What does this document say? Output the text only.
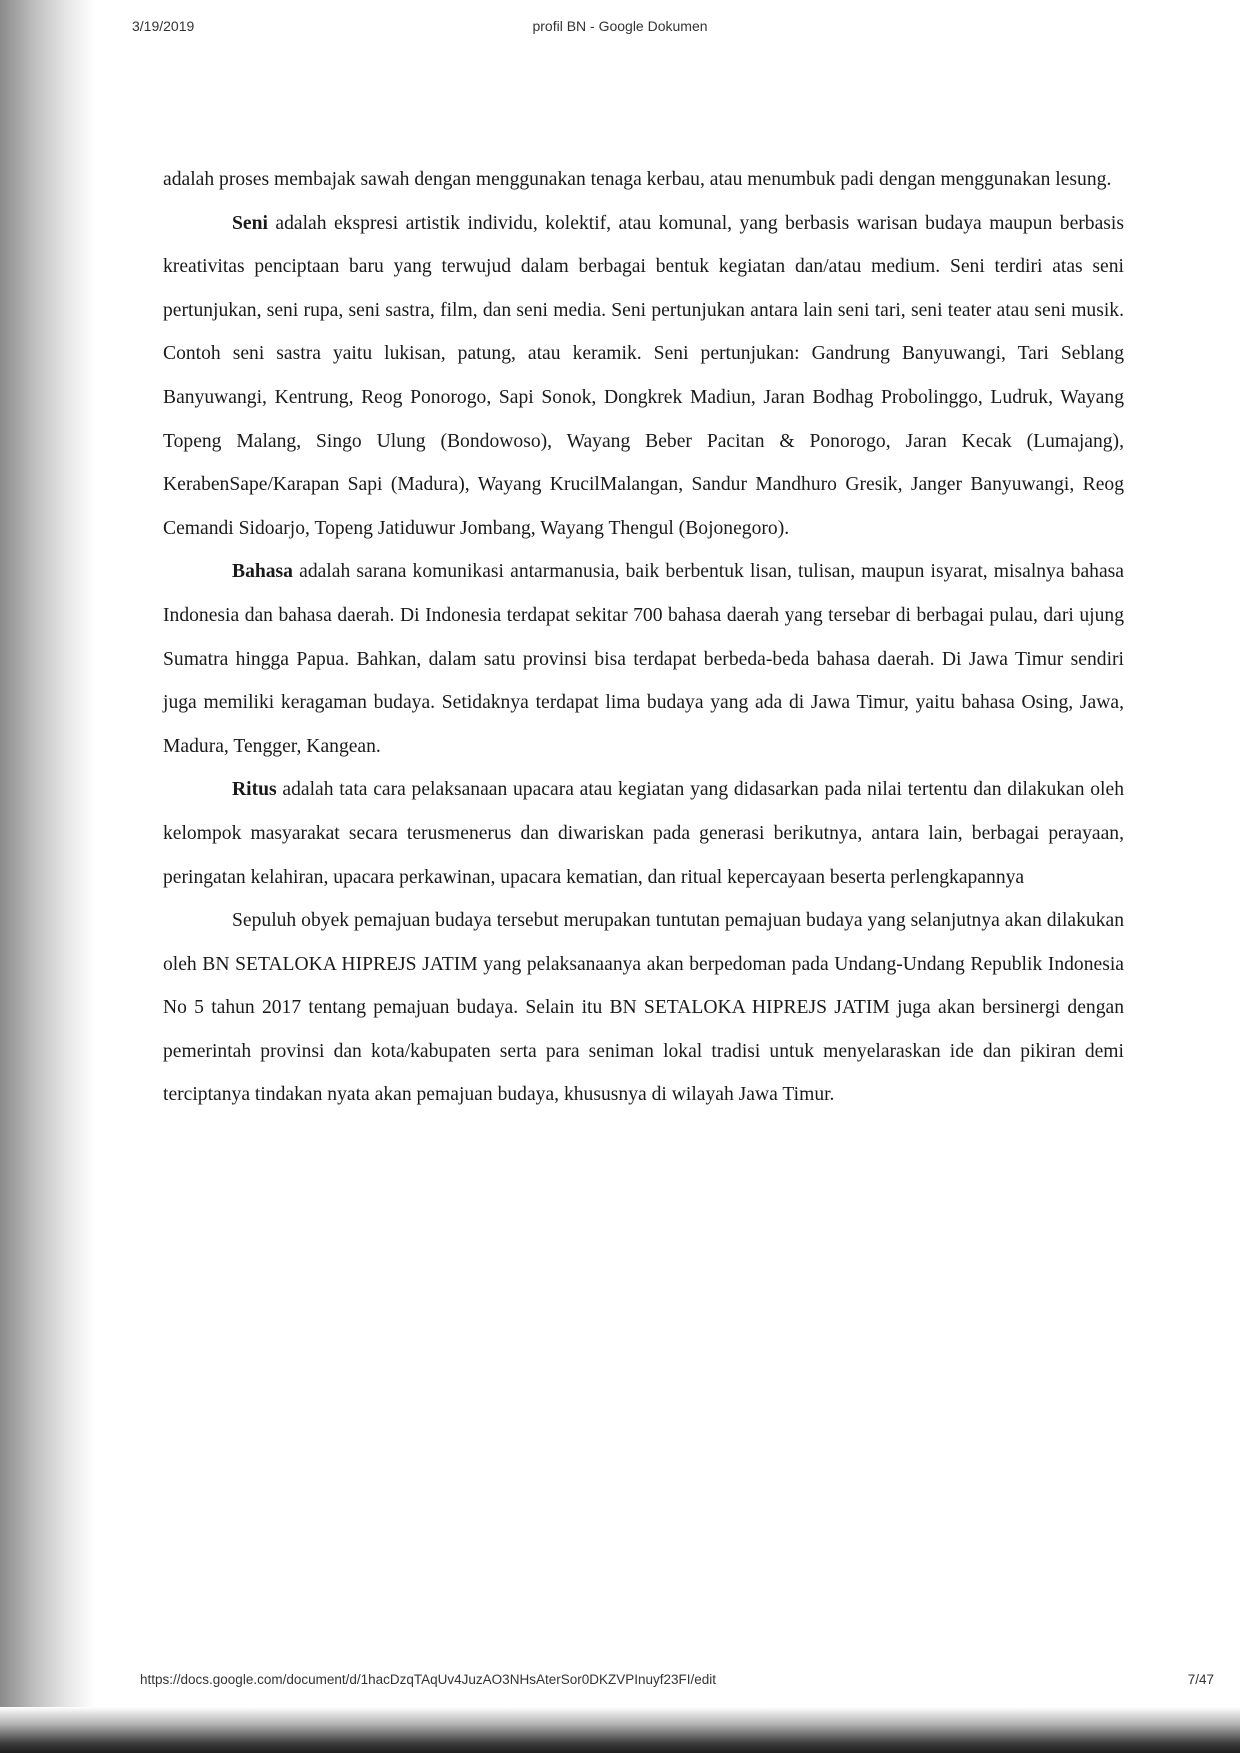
3/19/2019	profil BN - Google Dokumen

adalah proses membajak sawah dengan menggunakan tenaga kerbau, atau menumbuk padi dengan menggunakan lesung.

Seni adalah ekspresi artistik individu, kolektif, atau komunal, yang berbasis warisan budaya maupun berbasis kreativitas penciptaan baru yang terwujud dalam berbagai bentuk kegiatan dan/atau medium. Seni terdiri atas seni pertunjukan, seni rupa, seni sastra, film, dan seni media. Seni pertunjukan antara lain seni tari, seni teater atau seni musik. Contoh seni sastra yaitu lukisan, patung, atau keramik. Seni pertunjukan: Gandrung Banyuwangi, Tari Seblang Banyuwangi, Kentrung, Reog Ponorogo, Sapi Sonok, Dongkrek Madiun, Jaran Bodhag Probolinggo, Ludruk, Wayang Topeng Malang, Singo Ulung (Bondowoso), Wayang Beber Pacitan & Ponorogo, Jaran Kecak (Lumajang), KerabenSape/Karapan Sapi (Madura), Wayang KrucilMalangan, Sandur Mandhuro Gresik, Janger Banyuwangi, Reog Cemandi Sidoarjo, Topeng Jatiduwur Jombang, Wayang Thengul (Bojonegoro).

Bahasa adalah sarana komunikasi antarmanusia, baik berbentuk lisan, tulisan, maupun isyarat, misalnya bahasa Indonesia dan bahasa daerah. Di Indonesia terdapat sekitar 700 bahasa daerah yang tersebar di berbagai pulau, dari ujung Sumatra hingga Papua. Bahkan, dalam satu provinsi bisa terdapat berbeda-beda bahasa daerah. Di Jawa Timur sendiri juga memiliki keragaman budaya. Setidaknya terdapat lima budaya yang ada di Jawa Timur, yaitu bahasa Osing, Jawa, Madura, Tengger, Kangean.

Ritus adalah tata cara pelaksanaan upacara atau kegiatan yang didasarkan pada nilai tertentu dan dilakukan oleh kelompok masyarakat secara terusmenerus dan diwariskan pada generasi berikutnya, antara lain, berbagai perayaan, peringatan kelahiran, upacara perkawinan, upacara kematian, dan ritual kepercayaan beserta perlengkapannya

Sepuluh obyek pemajuan budaya tersebut merupakan tuntutan pemajuan budaya yang selanjutnya akan dilakukan oleh BN SETALOKA HIPREJS JATIM yang pelaksanaanya akan berpedoman pada Undang-Undang Republik Indonesia No 5 tahun 2017 tentang pemajuan budaya. Selain itu BN SETALOKA HIPREJS JATIM juga akan bersinergi dengan pemerintah provinsi dan kota/kabupaten serta para seniman lokal tradisi untuk menyelaraskan ide dan pikiran demi terciptanya tindakan nyata akan pemajuan budaya, khususnya di wilayah Jawa Timur.

https://docs.google.com/document/d/1hacDzqTAqUv4JuzAO3NHsAterSor0DKZVPInuyf23FI/edit	7/47
